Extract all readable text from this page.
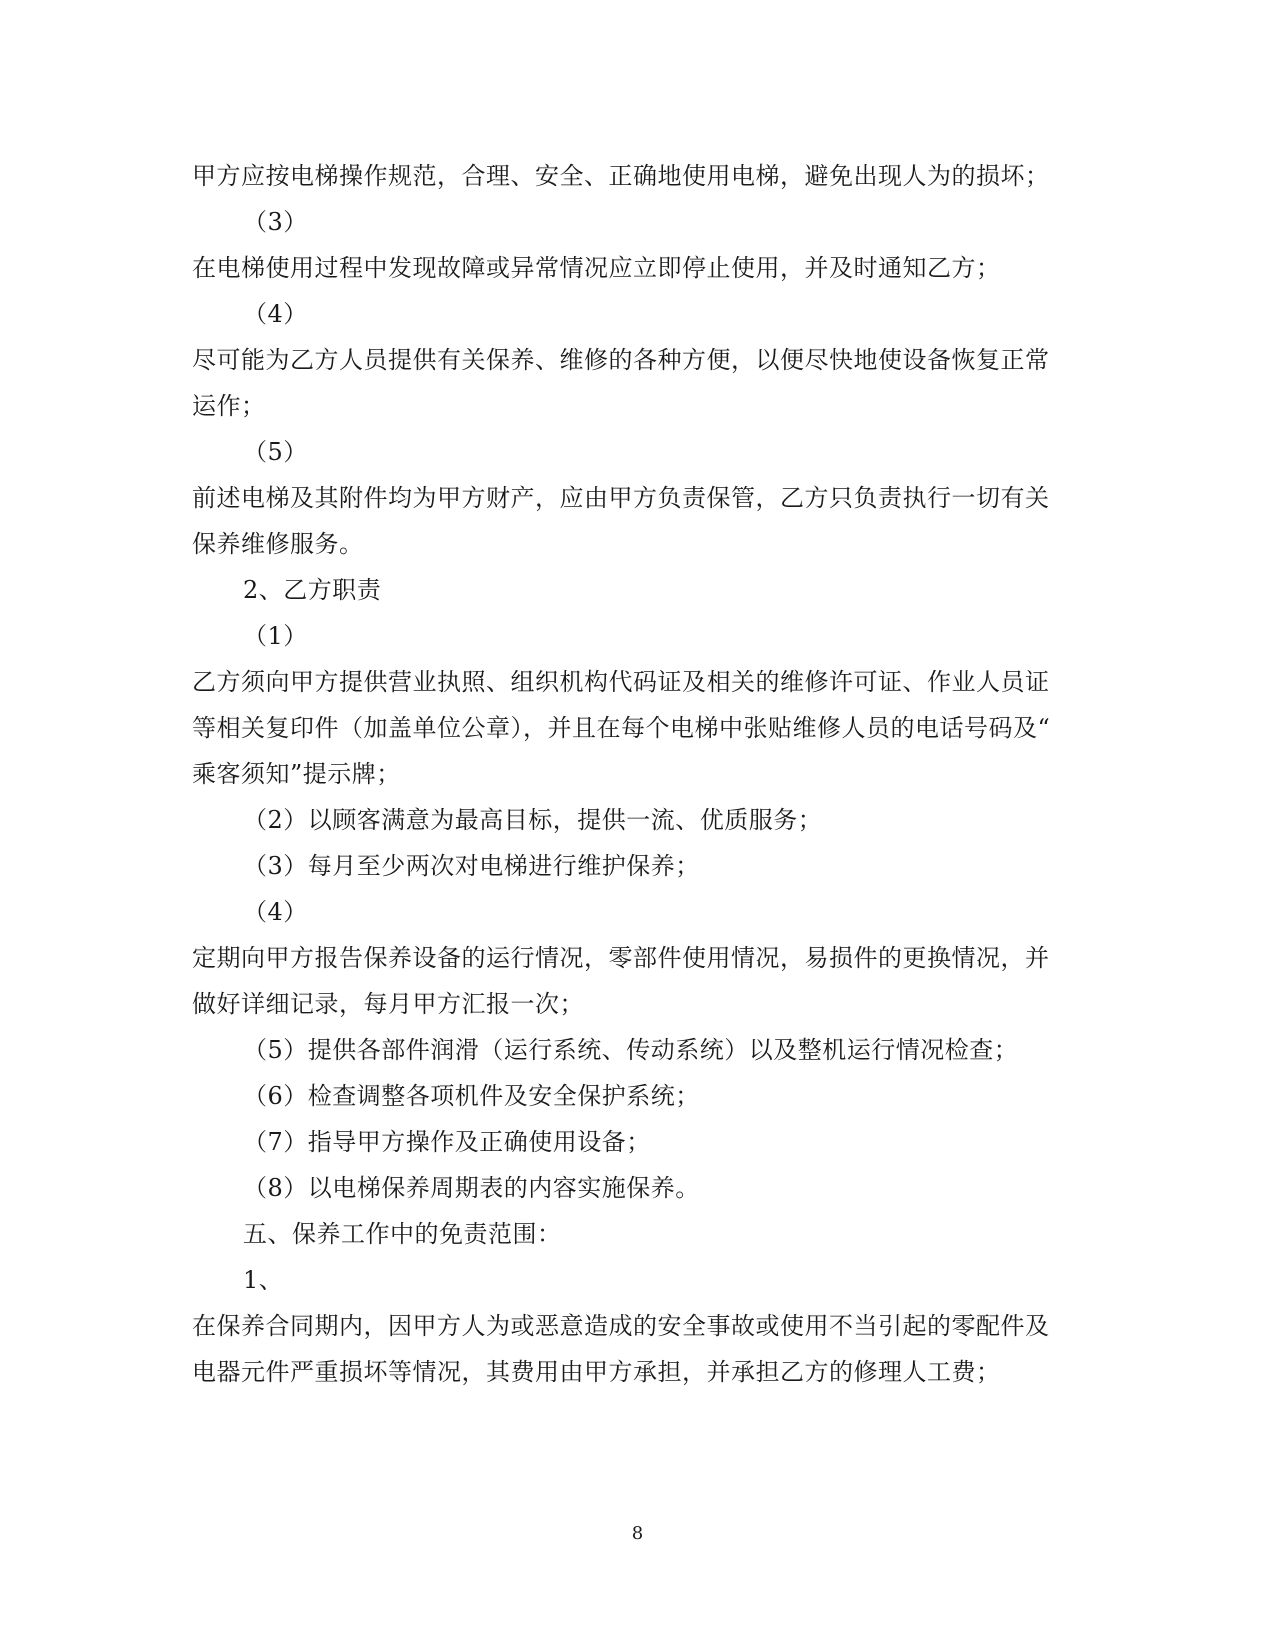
甲方应按电梯操作规范，合理、安全、正确地使用电梯，避免出现人为的损坏；
（3）
在电梯使用过程中发现故障或异常情况应立即停止使用，并及时通知乙方；
（4）
尽可能为乙方人员提供有关保养、维修的各种方便，以便尽快地使设备恢复正常
运作；
（5）
前述电梯及其附件均为甲方财产，应由甲方负责保管，乙方只负责执行一切有关
保养维修服务。
2、乙方职责
（1）
乙方须向甲方提供营业执照、组织机构代码证及相关的维修许可证、作业人员证
等相关复印件（加盖单位公章），并且在每个电梯中张贴维修人员的电话号码及“
乘客须知”提示牌；
（2）以顾客满意为最高目标，提供一流、优质服务；
（3）每月至少两次对电梯进行维护保养；
（4）
定期向甲方报告保养设备的运行情况，零部件使用情况，易损件的更换情况，并
做好详细记录，每月甲方汇报一次；
（5）提供各部件润滑（运行系统、传动系统）以及整机运行情况检查；
（6）检查调整各项机件及安全保护系统；
（7）指导甲方操作及正确使用设备；
（8）以电梯保养周期表的内容实施保养。
五、保养工作中的免责范围：
1、
在保养合同期内，因甲方人为或恶意造成的安全事故或使用不当引起的零配件及
电器元件严重损坏等情况，其费用由甲方承担，并承担乙方的修理人工费；
8
